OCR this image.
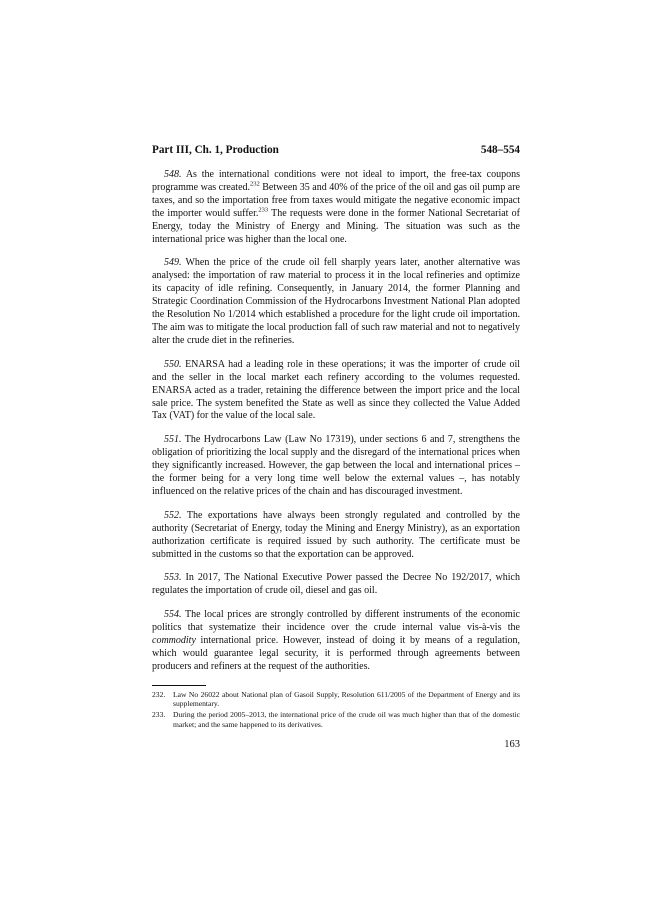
Part III, Ch. 1, Production	548–554

548. As the international conditions were not ideal to import, the free-tax coupons programme was created.$^{232}$ Between 35 and 40% of the price of the oil and gas oil pump are taxes, and so the importation free from taxes would mitigate the negative economic impact the importer would suffer.$^{233}$ The requests were done in the former National Secretariat of Energy, today the Ministry of Energy and Mining. The situation was such as the international price was higher than the local one.

549. When the price of the crude oil fell sharply years later, another alternative was analysed: the importation of raw material to process it in the local refineries and optimize its capacity of idle refining. Consequently, in January 2014, the former Planning and Strategic Coordination Commission of the Hydrocarbons Investment National Plan adopted the Resolution No 1/2014 which established a procedure for the light crude oil importation. The aim was to mitigate the local production fall of such raw material and not to negatively alter the crude diet in the refineries.

550. ENARSA had a leading role in these operations; it was the importer of crude oil and the seller in the local market each refinery according to the volumes requested. ENARSA acted as a trader, retaining the difference between the import price and the local sale price. The system benefited the State as well as since they collected the Value Added Tax (VAT) for the value of the local sale.

551. The Hydrocarbons Law (Law No 17319), under sections 6 and 7, strengthens the obligation of prioritizing the local supply and the disregard of the international prices when they significantly increased. However, the gap between the local and international prices – the former being for a very long time well below the external values –, has notably influenced on the relative prices of the chain and has discouraged investment.

552. The exportations have always been strongly regulated and controlled by the authority (Secretariat of Energy, today the Mining and Energy Ministry), as an exportation authorization certificate is required issued by such authority. The certificate must be submitted in the customs so that the exportation can be approved.

553. In 2017, The National Executive Power passed the Decree No 192/2017, which regulates the importation of crude oil, diesel and gas oil.

554. The local prices are strongly controlled by different instruments of the economic politics that systematize their incidence over the crude internal value vis-à-vis the commodity international price. However, instead of doing it by means of a regulation, which would guarantee legal security, it is performed through agreements between producers and refiners at the request of the authorities.

232.	Law No 26022 about National plan of Gasoil Supply, Resolution 611/2005 of the Department of Energy and its supplementary.
233.	During the period 2005–2013, the international price of the crude oil was much higher than that of the domestic market; and the same happened to its derivatives.
163
